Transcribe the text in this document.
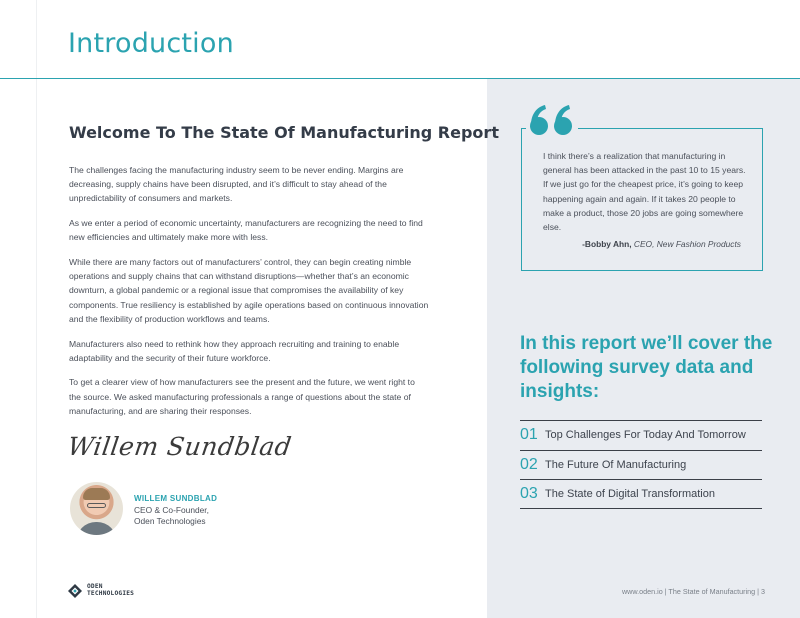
Introduction
Welcome To The State Of Manufacturing Report

The challenges facing the manufacturing industry seem to be never ending. Margins are decreasing, supply chains have been disrupted, and it’s difficult to stay ahead of the unpredictability of consumers and markets.

As we enter a period of economic uncertainty, manufacturers are recognizing the need to find new efficiencies and ultimately make more with less.

While there are many factors out of manufacturers’ control, they can begin creating nimble operations and supply chains that can withstand disruptions—whether that’s an economic downturn, a global pandemic or a regional issue that compromises the availability of key components. True resiliency is established by agile operations based on continuous innovation and the flexibility of production workflows and teams.

Manufacturers also need to rethink how they approach recruiting and training to enable adaptability and the security of their future workforce.

To get a clearer view of how manufacturers see the present and the future, we went right to the source. We asked manufacturing professionals a range of questions about the state of manufacturing, and are sharing their responses.

Willem Sundblad
WILLEM SUNDBLAD
CEO & Co-Founder,
Oden Technologies
ODEN
TECHNOLOGIES
I think there’s a realization that manufacturing in general has been attacked in the past 10 to 15 years. If we just go for the cheapest price, it’s going to keep happening again and again. If it takes 20 people to make a product, those 20 jobs are going somewhere else.
-Bobby Ahn, CEO, New Fashion Products
In this report we’ll cover the following survey data and insights:
01 Top Challenges For Today And Tomorrow
02 The Future Of Manufacturing
03 The State of Digital Transformation
www.oden.io | The State of Manufacturing | 3
